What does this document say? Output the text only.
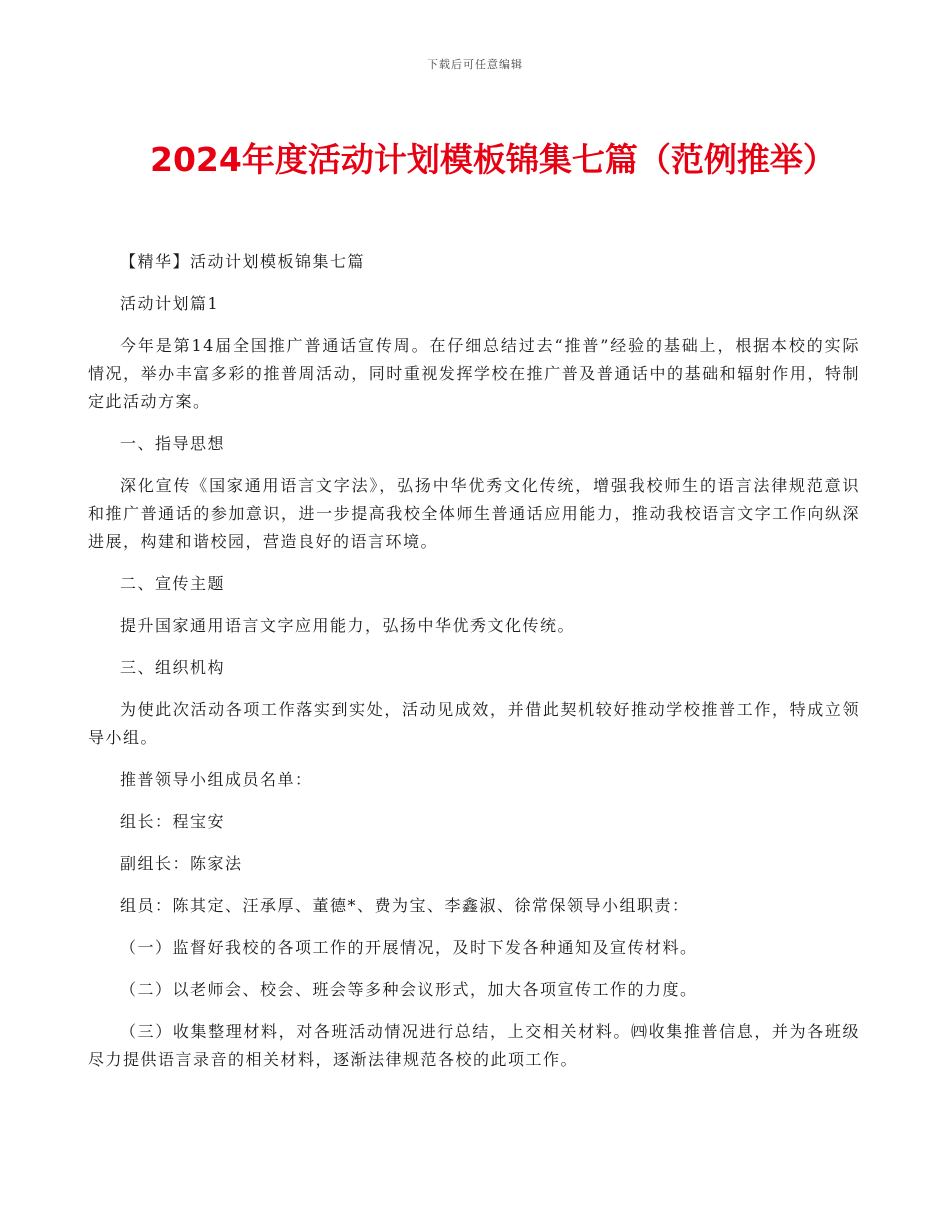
下载后可任意编辑
2024年度活动计划模板锦集七篇（范例推举）

【精华】活动计划模板锦集七篇

活动计划篇1

今年是第14届全国推广普通话宣传周。在仔细总结过去“推普”经验的基础上，根据本校的实际情况，举办丰富多彩的推普周活动，同时重视发挥学校在推广普及普通话中的基础和辐射作用，特制定此活动方案。

一、指导思想

深化宣传《国家通用语言文字法》，弘扬中华优秀文化传统，增强我校师生的语言法律规范意识和推广普通话的参加意识，进一步提高我校全体师生普通话应用能力，推动我校语言文字工作向纵深进展，构建和谐校园，营造良好的语言环境。

二、宣传主题

提升国家通用语言文字应用能力，弘扬中华优秀文化传统。

三、组织机构

为使此次活动各项工作落实到实处，活动见成效，并借此契机较好推动学校推普工作，特成立领导小组。

推普领导小组成员名单：

组长：程宝安

副组长：陈家法

组员：陈其定、汪承厚、董德*、费为宝、李鑫淑、徐常保领导小组职责：

（一）监督好我校的各项工作的开展情况，及时下发各种通知及宣传材料。

（二）以老师会、校会、班会等多种会议形式，加大各项宣传工作的力度。

（三）收集整理材料，对各班活动情况进行总结，上交相关材料。㈣收集推普信息，并为各班级尽力提供语言录音的相关材料，逐渐法律规范各校的此项工作。
